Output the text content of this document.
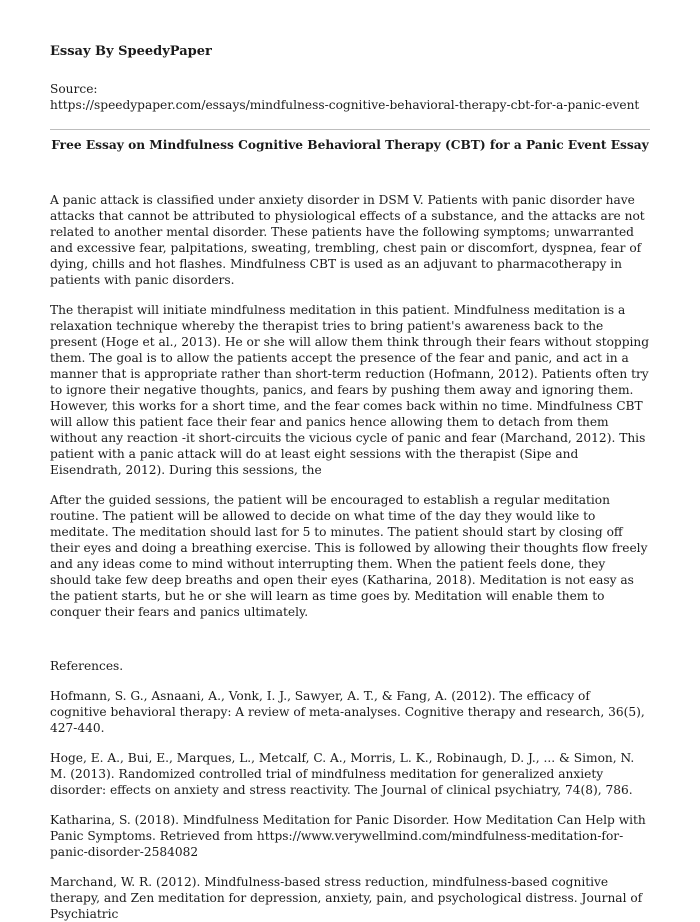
Essay By SpeedyPaper

Source:

https://speedypaper.com/essays/mindfulness-cognitive-behavioral-therapy-cbt-for-a-panic-event

Free Essay on Mindfulness Cognitive Behavioral Therapy (CBT) for a Panic Event Essay

A panic attack is classified under anxiety disorder in DSM V. Patients with panic disorder have attacks that cannot be attributed to physiological effects of a substance, and the attacks are not related to another mental disorder. These patients have the following symptoms; unwarranted and excessive fear, palpitations, sweating, trembling, chest pain or discomfort, dyspnea, fear of dying, chills and hot flashes. Mindfulness CBT is used as an adjuvant to pharmacotherapy in patients with panic disorders.

The therapist will initiate mindfulness meditation in this patient. Mindfulness meditation is a relaxation technique whereby the therapist tries to bring patient's awareness back to the present (Hoge et al., 2013). He or she will allow them think through their fears without stopping them. The goal is to allow the patients accept the presence of the fear and panic, and act in a manner that is appropriate rather than short-term reduction (Hofmann, 2012). Patients often try to ignore their negative thoughts, panics, and fears by pushing them away and ignoring them. However, this works for a short time, and the fear comes back within no time. Mindfulness CBT will allow this patient face their fear and panics hence allowing them to detach from them without any reaction -it short-circuits the vicious cycle of panic and fear (Marchand, 2012). This patient with a panic attack will do at least eight sessions with the therapist (Sipe and Eisendrath, 2012). During this sessions, the

After the guided sessions, the patient will be encouraged to establish a regular meditation routine. The patient will be allowed to decide on what time of the day they would like to meditate. The meditation should last for 5 to minutes. The patient should start by closing off their eyes and doing a breathing exercise. This is followed by allowing their thoughts flow freely and any ideas come to mind without interrupting them. When the patient feels done, they should take few deep breaths and open their eyes (Katharina, 2018). Meditation is not easy as the patient starts, but he or she will learn as time goes by. Meditation will enable them to conquer their fears and panics ultimately.

References.

Hofmann, S. G., Asnaani, A., Vonk, I. J., Sawyer, A. T., & Fang, A. (2012). The efficacy of cognitive behavioral therapy: A review of meta-analyses. Cognitive therapy and research, 36(5), 427-440.

Hoge, E. A., Bui, E., Marques, L., Metcalf, C. A., Morris, L. K., Robinaugh, D. J., ... & Simon, N. M. (2013). Randomized controlled trial of mindfulness meditation for generalized anxiety disorder: effects on anxiety and stress reactivity. The Journal of clinical psychiatry, 74(8), 786.

Katharina, S. (2018). Mindfulness Meditation for Panic Disorder. How Meditation Can Help with Panic Symptoms. Retrieved from https://www.verywellmind.com/mindfulness-meditation-for-panic-disorder-2584082

Marchand, W. R. (2012). Mindfulness-based stress reduction, mindfulness-based cognitive therapy, and Zen meditation for depression, anxiety, pain, and psychological distress. Journal of Psychiatric
